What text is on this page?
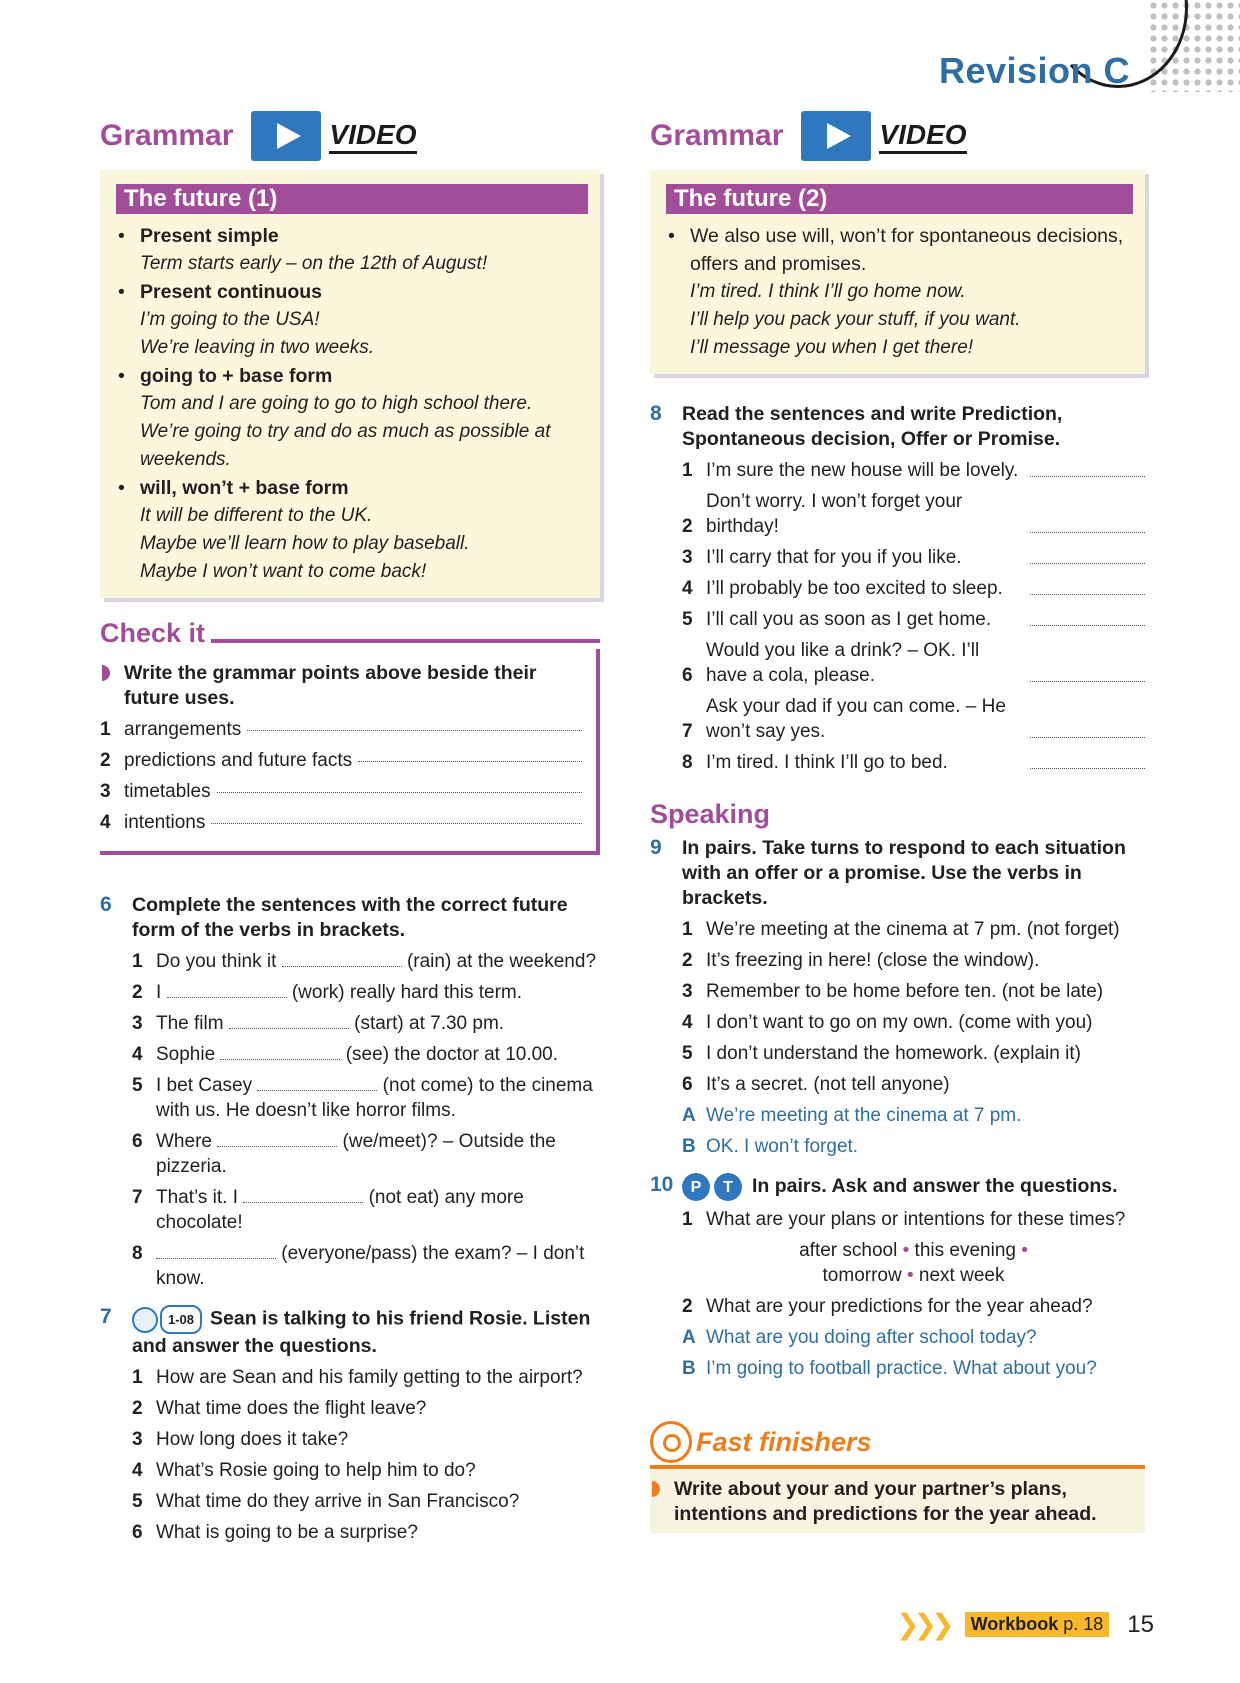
Revision C
Grammar	VIDEO
The future (1)
• Present simple
Term starts early – on the 12th of August!
• Present continuous
I’m going to the USA!
We’re leaving in two weeks.
• going to + base form
Tom and I are going to go to high school there.
We’re going to try and do as much as possible at weekends.
• will, won’t + base form
It will be different to the UK.
Maybe we’ll learn how to play baseball.
Maybe I won’t want to come back!
Check it
Write the grammar points above beside their future uses.
1 arrangements
2 predictions and future facts
3 timetables
4 intentions
6	Complete the sentences with the correct future form of the verbs in brackets.
1 Do you think it	(rain) at the weekend?
2 I	(work) really hard this term.
3 The film	(start) at 7.30 pm.
4 Sophie	(see) the doctor at 10.00.
5 I bet Casey	(not come) to the cinema with us. He doesn’t like horror films.
6 Where	(we/meet)? – Outside the pizzeria.
7 That’s it. I	(not eat) any more chocolate!
8	(everyone/pass) the exam? – I don’t know.
7	1-08 Sean is talking to his friend Rosie. Listen and answer the questions.
1 How are Sean and his family getting to the airport?
2 What time does the flight leave?
3 How long does it take?
4 What’s Rosie going to help him to do?
5 What time do they arrive in San Francisco?
6 What is going to be a surprise?
Grammar	VIDEO
The future (2)
• We also use will, won’t for spontaneous decisions, offers and promises.
I’m tired. I think I’ll go home now.
I’ll help you pack your stuff, if you want.
I’ll message you when I get there!
8	Read the sentences and write Prediction, Spontaneous decision, Offer or Promise.
1 I’m sure the new house will be lovely.
2
Don’t worry. I won’t forget your birthday!
3 I’ll carry that for you if you like.
4 I’ll probably be too excited to sleep.
5 I’ll call you as soon as I get home.
6
Would you like a drink? – OK. I’ll have a cola, please.
7
Ask your dad if you can come. – He won’t say yes.
8 I’m tired. I think I’ll go to bed.
Speaking
9	In pairs. Take turns to respond to each situation with an offer or a promise. Use the verbs in brackets.
1 We’re meeting at the cinema at 7 pm. (not forget)
2 It’s freezing in here! (close the window).
3 Remember to be home before ten. (not be late)
4 I don’t want to go on my own. (come with you)
5 I don’t understand the homework. (explain it)
6 It’s a secret. (not tell anyone)
A We’re meeting at the cinema at 7 pm.
B OK. I won’t forget.
10	P	T In pairs. Ask and answer the questions.
1 What are your plans or intentions for these times?
after school • this evening •
tomorrow • next week
2 What are your predictions for the year ahead?
A What are you doing after school today?
B I’m going to football practice. What about you?
Fast finishers
Write about your and your partner’s plans, intentions and predictions for the year ahead.
❯❯❯	Workbook p. 18 15
